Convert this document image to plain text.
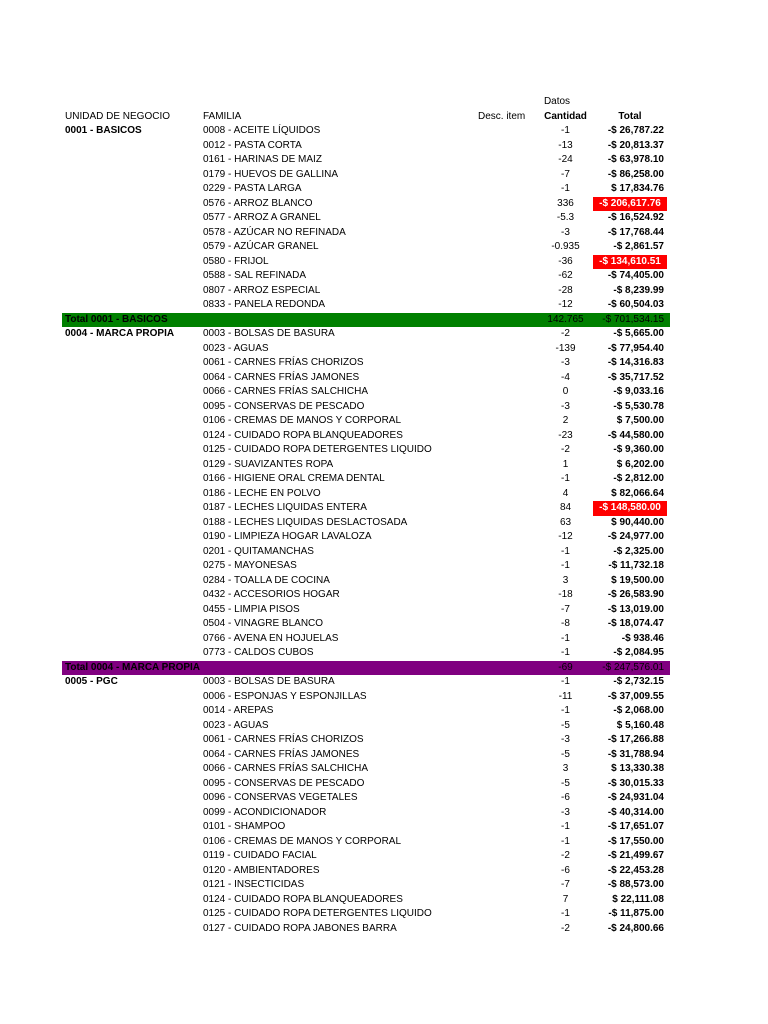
Datos
UNIDAD DE NEGOCIO	FAMILIA	Desc. item	Cantidad	Total
0001 - BASICOS	0008 - ACEITE LÍQUIDOS	-1	-$ 26,787.22
0012 - PASTA CORTA	-13	-$ 20,813.37
0161 - HARINAS DE MAIZ	-24	-$ 63,978.10
0179 - HUEVOS DE GALLINA	-7	-$ 86,258.00
0229 - PASTA LARGA	-1	$ 17,834.76
0576 - ARROZ BLANCO	336	-$ 206,617.76
0577 - ARROZ A GRANEL	-5.3	-$ 16,524.92
0578 - AZÚCAR NO REFINADA	-3	-$ 17,768.44
0579 - AZÚCAR GRANEL	-0.935	-$ 2,861.57
0580 - FRIJOL	-36	-$ 134,610.51
0588 - SAL REFINADA	-62	-$ 74,405.00
0807 - ARROZ ESPECIAL	-28	-$ 8,239.99
0833 - PANELA REDONDA	-12	-$ 60,504.03
Total 0001 - BASICOS	142.765	-$ 701,534.15
0004 - MARCA PROPIA	0003 - BOLSAS DE BASURA	-2	-$ 5,665.00
0023 - AGUAS	-139	-$ 77,954.40
0061 - CARNES FRÍAS CHORIZOS	-3	-$ 14,316.83
0064 - CARNES FRÍAS JAMONES	-4	-$ 35,717.52
0066 - CARNES FRÍAS SALCHICHA	0	-$ 9,033.16
0095 - CONSERVAS DE PESCADO	-3	-$ 5,530.78
0106 - CREMAS DE MANOS Y CORPORAL	2	$ 7,500.00
0124 - CUIDADO ROPA BLANQUEADORES	-23	-$ 44,580.00
0125 - CUIDADO ROPA DETERGENTES LIQUIDO	-2	-$ 9,360.00
0129 - SUAVIZANTES ROPA	1	$ 6,202.00
0166 - HIGIENE ORAL CREMA DENTAL	-1	-$ 2,812.00
0186 - LECHE EN POLVO	4	$ 82,066.64
0187 - LECHES LIQUIDAS ENTERA	84	-$ 148,580.00
0188 - LECHES LIQUIDAS DESLACTOSADA	63	$ 90,440.00
0190 - LIMPIEZA HOGAR LAVALOZA	-12	-$ 24,977.00
0201 - QUITAMANCHAS	-1	-$ 2,325.00
0275 - MAYONESAS	-1	-$ 11,732.18
0284 - TOALLA DE COCINA	3	$ 19,500.00
0432 - ACCESORIOS HOGAR	-18	-$ 26,583.90
0455 - LIMPIA PISOS	-7	-$ 13,019.00
0504 - VINAGRE BLANCO	-8	-$ 18,074.47
0766 - AVENA EN HOJUELAS	-1	-$ 938.46
0773 - CALDOS CUBOS	-1	-$ 2,084.95
Total 0004 - MARCA PROPIA	-69	-$ 247,576.01
0005 - PGC	0003 - BOLSAS DE BASURA	-1	-$ 2,732.15
0006 - ESPONJAS Y ESPONJILLAS	-11	-$ 37,009.55
0014 - AREPAS	-1	-$ 2,068.00
0023 - AGUAS	-5	$ 5,160.48
0061 - CARNES FRÍAS CHORIZOS	-3	-$ 17,266.88
0064 - CARNES FRÍAS JAMONES	-5	-$ 31,788.94
0066 - CARNES FRÍAS SALCHICHA	3	$ 13,330.38
0095 - CONSERVAS DE PESCADO	-5	-$ 30,015.33
0096 - CONSERVAS VEGETALES	-6	-$ 24,931.04
0099 - ACONDICIONADOR	-3	-$ 40,314.00
0101 - SHAMPOO	-1	-$ 17,651.07
0106 - CREMAS DE MANOS Y CORPORAL	-1	-$ 17,550.00
0119 - CUIDADO FACIAL	-2	-$ 21,499.67
0120 - AMBIENTADORES	-6	-$ 22,453.28
0121 - INSECTICIDAS	-7	-$ 88,573.00
0124 - CUIDADO ROPA BLANQUEADORES	7	$ 22,111.08
0125 - CUIDADO ROPA DETERGENTES LIQUIDO	-1	-$ 11,875.00
0127 - CUIDADO ROPA JABONES BARRA	-2	-$ 24,800.66
